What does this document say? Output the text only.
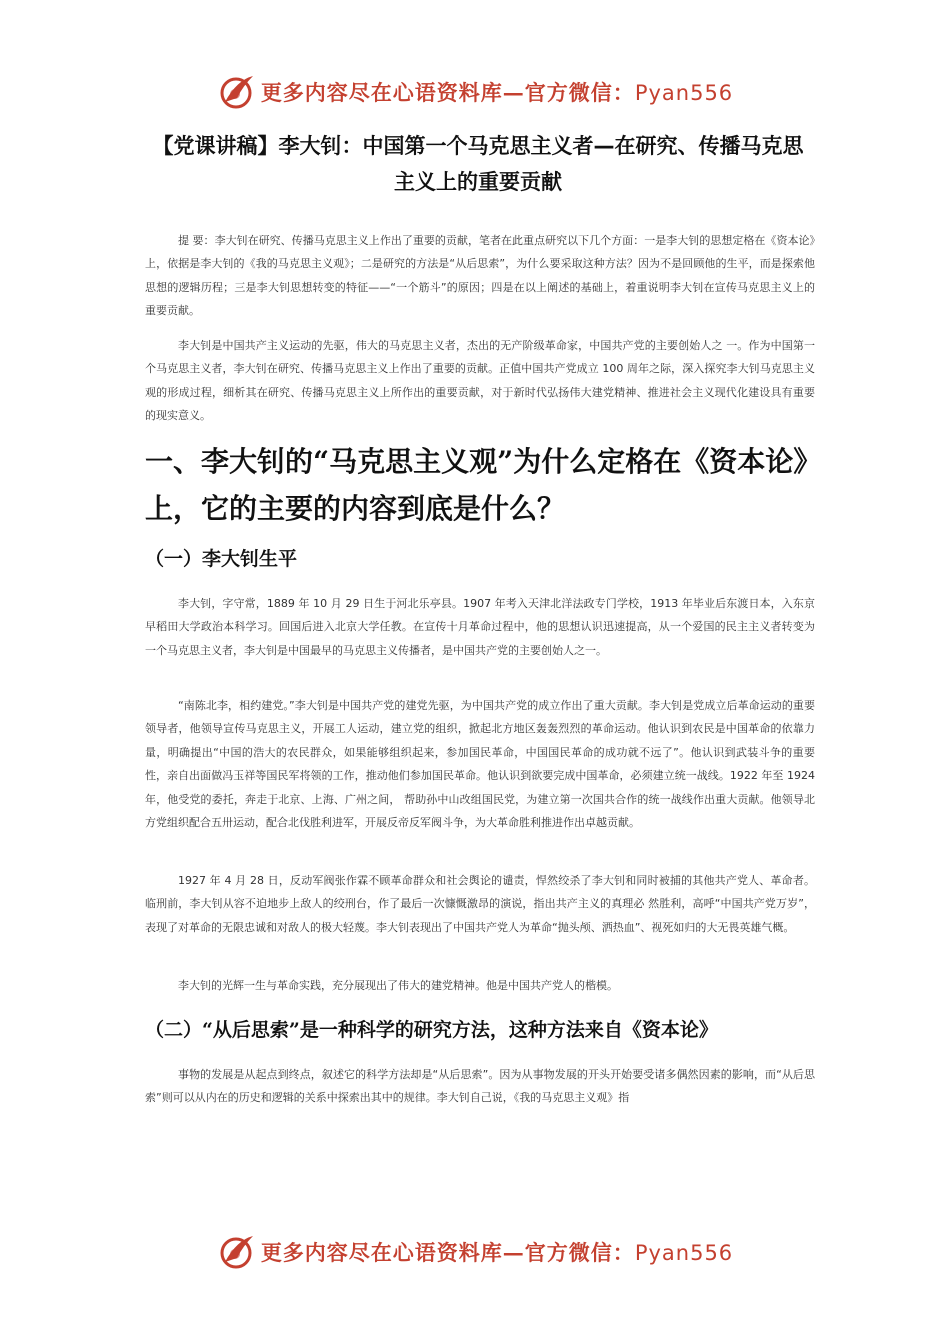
更多内容尽在心语资料库—官方微信：Pyan556
【党课讲稿】李大钊：中国第一个马克思主义者—在研究、传播马克思主义上的重要贡献
提 要：李大钊在研究、传播马克思主义上作出了重要的贡献，笔者在此重点研究以下几个方面：一是李大钊的思想定格在《资本论》上，依据是李大钊的《我的马克思主义观》；二是研究的方法是“从后思索”，为什么要采取这种方法？因为不是回顾他的生平，而是探索他思想的逻辑历程；三是李大钊思想转变的特征——“一个筋斗”的原因；四是在以上阐述的基础上，着重说明李大钊在宣传马克思主义上的重要贡献。
李大钊是中国共产主义运动的先驱，伟大的马克思主义者，杰出的无产阶级革命家，中国共产党的主要创始人之 一。作为中国第一个马克思主义者，李大钊在研究、传播马克思主义上作出了重要的贡献。正值中国共产党成立 100 周年之际，深入探究李大钊马克思主义观的形成过程，细析其在研究、传播马克思主义上所作出的重要贡献，对于新时代弘扬伟大建党精神、推进社会主义现代化建设具有重要的现实意义。
一、李大钊的“马克思主义观”为什么定格在《资本论》上，它的主要的内容到底是什么？
（一）李大钊生平
李大钊，字守常，1889 年 10 月 29 日生于河北乐亭县。1907 年考入天津北洋法政专门学校，1913 年毕业后东渡日本，入东京早稻田大学政治本科学习。回国后进入北京大学任教。在宣传十月革命过程中，他的思想认识迅速提高，从一个爱国的民主主义者转变为一个马克思主义者，李大钊是中国最早的马克思主义传播者，是中国共产党的主要创始人之一。
“南陈北李，相约建党。”李大钊是中国共产党的建党先驱，为中国共产党的成立作出了重大贡献。李大钊是党成立后革命运动的重要领导者，他领导宣传马克思主义，开展工人运动，建立党的组织，掀起北方地区轰轰烈烈的革命运动。他认识到农民是中国革命的依靠力量，明确提出“中国的浩大的农民群众，如果能够组织起来，参加国民革命，中国国民革命的成功就不远了”。他认识到武装斗争的重要性，亲自出面做冯玉祥等国民军将领的工作，推动他们参加国民革命。他认识到欲要完成中国革命，必须建立统一战线。1922 年至 1924 年，他受党的委托，奔走于北京、上海、广州之间， 帮助孙中山改组国民党，为建立第一次国共合作的统一战线作出重大贡献。他领导北方党组织配合五卅运动，配合北伐胜利进军，开展反帝反军阀斗争，为大革命胜利推进作出卓越贡献。
1927 年 4 月 28 日，反动军阀张作霖不顾革命群众和社会舆论的谴责，悍然绞杀了李大钊和同时被捕的其他共产党人、革命者。临刑前，李大钊从容不迫地步上敌人的绞刑台，作了最后一次慷慨激昂的演说，指出共产主义的真理必 然胜利，高呼“中国共产党万岁”，表现了对革命的无限忠诚和对敌人的极大轻蔑。李大钊表现出了中国共产党人为革命“抛头颅、洒热血”、视死如归的大无畏英雄气概。
李大钊的光辉一生与革命实践，充分展现出了伟大的建党精神。他是中国共产党人的楷模。
（二）“从后思索”是一种科学的研究方法，这种方法来自《资本论》
事物的发展是从起点到终点，叙述它的科学方法却是“从后思索”。因为从事物发展的开头开始要受诸多偶然因素的影响，而“从后思索”则可以从内在的历史和逻辑的关系中探索出其中的规律。李大钊自己说，《我的马克思主义观》指
更多内容尽在心语资料库—官方微信：Pyan556
